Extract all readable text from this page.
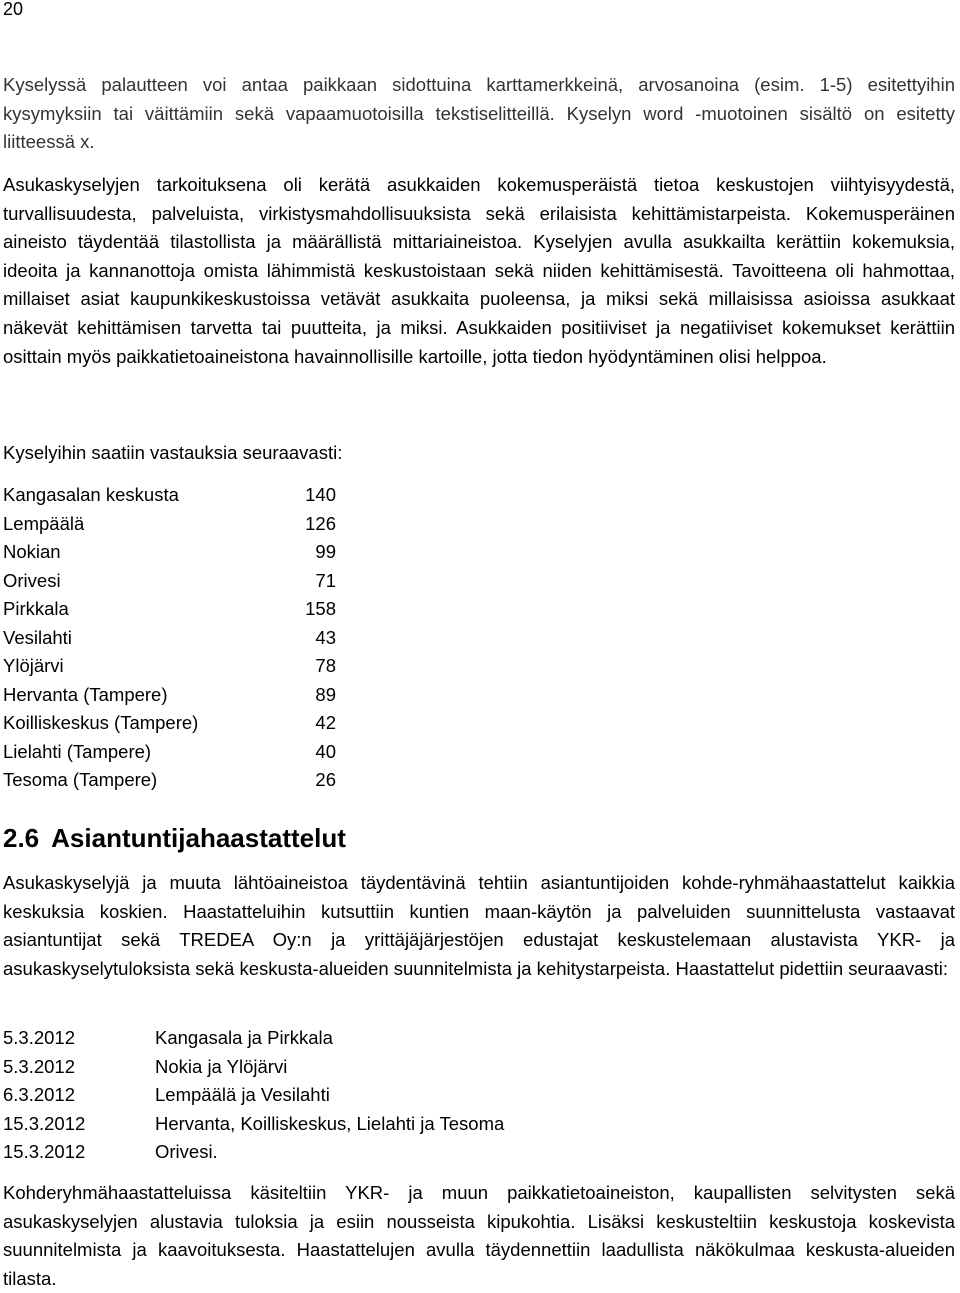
20

Kyselyssä palautteen voi antaa paikkaan sidottuina karttamerkkeinä, arvosanoina (esim. 1-5) esitettyihin kysymyksiin tai väittämiin sekä vapaamuotoisilla tekstiselitteillä. Kyselyn word -muotoinen sisältö on esitetty liitteessä x.

Asukaskyselyjen tarkoituksena oli kerätä asukkaiden kokemusperäistä tietoa keskustojen viihtyisyydestä, turvallisuudesta, palveluista, virkistysmahdollisuuksista sekä erilaisista kehittämistarpeista. Kokemusperäinen aineisto täydentää tilastollista ja määrällistä mittariaineistoa. Kyselyjen avulla asukkailta kerättiin kokemuksia, ideoita ja kannanottoja omista lähimmistä keskustoistaan sekä niiden kehittämisestä. Tavoitteena oli hahmottaa, millaiset asiat kaupunkikeskustoissa vetävät asukkaita puoleensa, ja miksi sekä millaisissa asioissa asukkaat näkevät kehittämisen tarvetta tai puutteita, ja miksi. Asukkaiden positiiviset ja negatiiviset kokemukset kerättiin osittain myös paikkatietoaineistona havainnollisille kartoille, jotta tiedon hyödyntäminen olisi helppoa.

Kyselyihin saatiin vastauksia seuraavasti:

Kangasalan keskusta	140
Lempäälä	126
Nokian	99
Orivesi	71
Pirkkala	158
Vesilahti	43
Ylöjärvi	78
Hervanta (Tampere)	89
Koilliskeskus (Tampere)	42
Lielahti (Tampere)	40
Tesoma (Tampere)	26
2.6 Asiantuntijahaastattelut

Asukaskyselyjä ja muuta lähtöaineistoa täydentävinä tehtiin asiantuntijoiden kohde-ryhmähaastattelut kaikkia keskuksia koskien. Haastatteluihin kutsuttiin kuntien maan-käytön ja palveluiden suunnittelusta vastaavat asiantuntijat sekä TREDEA Oy:n ja yrittäjäjärjestöjen edustajat keskustelemaan alustavista YKR- ja asukaskyselytuloksista sekä keskusta-alueiden suunnitelmista ja kehitystarpeista. Haastattelut pidettiin seuraavasti:

5.3.2012	Kangasala ja Pirkkala
5.3.2012	Nokia ja Ylöjärvi
6.3.2012	Lempäälä ja Vesilahti
15.3.2012	Hervanta, Koilliskeskus, Lielahti ja Tesoma
15.3.2012	Orivesi.

Kohderyhmähaastatteluissa käsiteltiin YKR- ja muun paikkatietoaineiston, kaupallisten selvitysten sekä asukaskyselyjen alustavia tuloksia ja esiin nousseista kipukohtia. Lisäksi keskusteltiin keskustoja koskevista suunnitelmista ja kaavoituksesta. Haastattelujen avulla täydennettiin laadullista näkökulmaa keskusta-alueiden tilasta.
